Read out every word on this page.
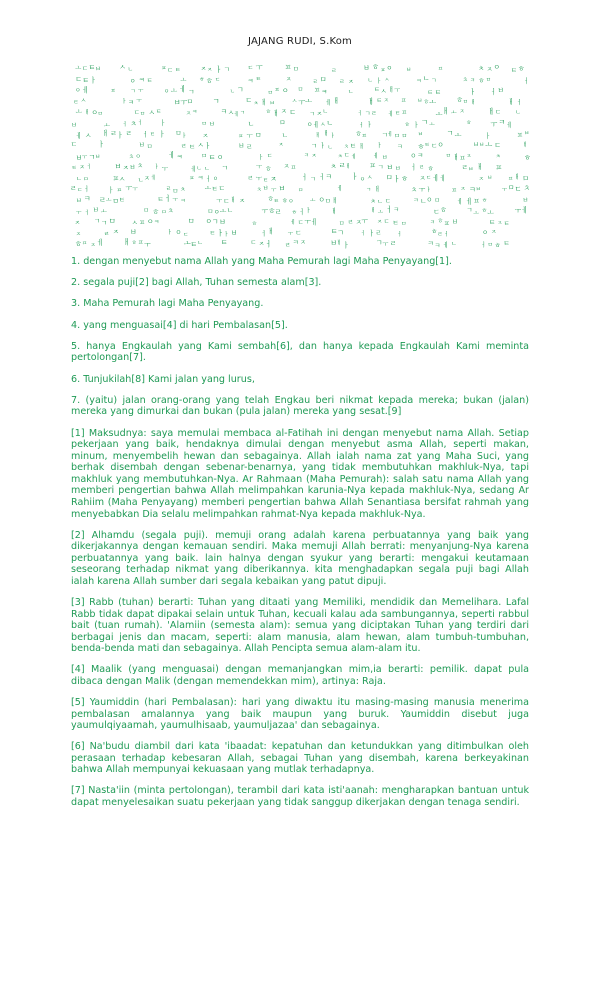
JAJANG RUDI, S.Kom
ㅗ ㄷ ㅌ ㅂ ㅅ ㄴ	ㅍ ㄷ ㅌ	ㅈ ㅈ ㅏ ㄱ	ㄷ ㅜ	ㅍ ㅁ	ㄹ	ㅂ ㅎ ㅍ ㅇ ㅂ	ㅍ	ㅊ ㅈ ㅇ ㅌ ㅎ
ㄷ ㅌ ㅏ	ㅇ ㅋ ㅌ	ㅗ ㅎ ㅎ ㄷ	ㅋ ㅌ	ㅈ	ㄹ ㅁ ㄹ ㅈ ㄴ ㅏ ㅅ	ㅋ ㄴ ㄱ	ㅊ ㅋ ㅎ ㅁ	ㅓ
ㅇ ㅔ	ㅍ ㄱ ㅜ	ㅇ ㅗ ㅔ ㄱ	ㄴ ㄱ	ㅁ ㅍ ㅇ ㅁ ㅍ ㅋ	ㄴ	ㅌ ㅅ ㅐ ㅜ	ㅌ ㅌ	ㅏ ㅓ ㅂ
ㅌ ㅅ	ㅏ ㅋ ㅜ	ㅂ ㅜ ㅁ	ㄱ	ㄷ ㅊ ㅐ ㅂ	ㅅ ㅜ ㅗ ㅔ ㅐ	ㅐ ㅌ ㅈ ㅍ ㅂ ㅎ ㅗ	ㅎ ㅁ ㅐ	ㅐ ㅓ
ㅗ ㅐ ㅇ ㅁ	ㄷ ㅁ ㅅ ㅌ	ㅈ ㅋ	ㅋ ㅅ ㅔ ㄱ	ㅎ ㅐ ㅈ ㄷ ㄱ ㅈ ㄴ	ㅓ ㄱ ㄹ ㅔ ㅌ ㅍ	ㅗ ㅐ ㅗ ㅈ	ㅐ ㄷ ㄴ
ㅂ	ㅗ ㅓ ㅊ ㅓ	ㅏ	ㅁ ㅂ	ㄴ	ㅁ	ㅇ ㅔ ㅅ ㄴ	ㅓ ㅏ	ㅎ ㅏ ㄱ ㅗ	ㅎ	ㅜ ㅋ ㅔ
ㅔ ㅅ ㅐ ㄹ ㅏ ㄹ ㅓ ㅌ ㅏ ㅁ ㅏ ㅈ	ㅍ ㅜ ㅁ	ㄴ	ㅐ ㅐ ㅏ	ㅎ ㅍ ㄱ ㅔ ㅁ ㅁ ㅂ	ㄱ ㅗ	ㅏ	ㅍ ㅂ
ㄷ	ㅏ	ㅂ ㅁ	ㄹ ㅌ ㅅ ㅏ	ㅂ ㄹ	ㅈ	ㄱ ㅏ ㄴ ㅊ ㅌ ㅐ ㅏ ㅋ ㅎ ㅌ ㄷ ㅇ	ㅂ ㅂ ㅗ ㄷ	ㅐ
ㅂ ㅜ ㄱ ㅂ	ㅊ ㅇ	ㅔ ㅋ	ㅁ ㅌ ㅇ	ㅏ ㄷ	ㅋ ㅈ	ㅊ ㄷ ㅔ	ㅔ ㅂ	ㅇ ㅋ	ㅁ ㅐ ㅍ ㅈ	ㅊ	ㅎ
ㅌ ㅈ ㅓ	ㅂ ㅈ ㅂ ㅊ ㅏ ㅜ	ㅔ ㄴ ㄴ ㄱ	ㅜ ㅎ ㅈ ㅍ	ㅊ ㄹ ㅐ	ㅍ ㄱ ㅂ ㅂ ㅓ ㄹ ㅎ	ㄹ ㅂ ㅐ ㅍ
ㄴ ㅁ	ㅍ ㅅ ㄴ ㅈ ㅔ	ㅍ ㅋ ㅓ ㅇ	ㄹ ㅜ ㅌ ㅈ	ㅓ ㄱ ㅓ ㅋ	ㅏ ㅇ ㅅ ㅁ ㅏ ㅎ ㅈ ㄷ ㅔ ㅔ	ㅈ ㅂ	ㅍ ㅐ ㅁ
ㄹ ㄷ ㅓ	ㅏ ㅍ ㅜ ㅜ	ㄹ ㅁ ㅊ	ㅗ ㅌ ㄷ	ㅊ ㅂ ㅜ ㅂ ㅁ	ㅔ	ㄱ ㅐ	ㅊ ㅜ ㅏ	ㅍ ㅈ ㅋ ㅂ	ㅜ ㅁ ㄷ ㅊ
ㅂ ㅋ ㄹ ㅗ ㅁ ㅌ	ㅌ ㅓ ㅜ ㅋ	ㅜ ㄷ ㅐ ㅈ	ㅎ ㅌ ㅎ ㅇ	ㅗ ㅇ ㅁ ㅐ	ㅊ ㄴ ㄷ	ㅋ ㄴ ㅇ ㅁ	ㅔ ㅔ ㅍ ㅎ	ㅂ
ㅜ ㅓ ㅂ ㅗ	ㅁ ㅎ ㅁ ㅊ	ㅁ ㅇ ㅗ ㄴ	ㅜ ㅎ ㄹ ㅎ ㅓ ㅏ	ㅐ	ㅐ ㅗ ㅓ ㅋ	ㄷ ㅎ	ㄱ ㅗ ㅎ ㅗ	ㅜ ㅔ
ㅈ ㄱ ㄱ ㅁ ㅅ ㅍ ㅇ ㅋ	ㅁ ㅇ ㄱ ㅂ	ㅎ	ㅔ ㄷ ㅜ ㅔ	ㅁ ㄹ ㅈ ㅜ ㅈ ㄷ ㅌ ㅁ	ㅋ ㅎ ㅍ ㅂ	ㅌ ㅈ ㅌ
ㅈ	ㄹ ㅈ ㅂ	ㅏ ㅇ ㄷ	ㅌ ㅏ ㅏ ㅂ	ㅓ ㅐ ㅜ ㄷ	ㅌ ㄱ	ㅓ ㅏ ㄹ	ㅓ	ㅎ ㄹ ㅓ	ㅇ ㅈ
ㅎ ㅍ ㅈ ㅔ	ㅐ ㅎ ㅍ ㅜ	ㅗ ㅌ ㄴ ㅌ	ㄷ ㅈ ㅓ ㄹ ㅋ ㅈ	ㅂ
ㅐ ㅏ	ㄱ ㅜ ㄹ	ㅋ ㅋ ㅔ ㄴ	ㅓ ㅁ ㅎ ㅌ

1. dengan menyebut nama Allah yang Maha Pemurah lagi Maha Penyayang[1].

2. segala puji[2] bagi Allah, Tuhan semesta alam[3].

3. Maha Pemurah lagi Maha Penyayang.

4. yang menguasai[4] di hari Pembalasan[5].

5. hanya Engkaulah yang Kami sembah[6], dan hanya kepada Engkaulah Kami meminta pertolongan[7].

6. Tunjukilah[8] Kami jalan yang lurus,

7. (yaitu) jalan orang-orang yang telah Engkau beri nikmat kepada mereka; bukan (jalan) mereka yang dimurkai dan bukan (pula jalan) mereka yang sesat.[9]

[1] Maksudnya: saya memulai membaca al-Fatihah ini dengan menyebut nama Allah. Setiap pekerjaan yang baik, hendaknya dimulai dengan menyebut asma Allah, seperti makan, minum, menyembelih hewan dan sebagainya. Allah ialah nama zat yang Maha Suci, yang berhak disembah dengan sebenar-benarnya, yang tidak membutuhkan makhluk-Nya, tapi makhluk yang membutuhkan-Nya. Ar Rahmaan (Maha Pemurah): salah satu nama Allah yang memberi pengertian bahwa Allah melimpahkan karunia-Nya kepada makhluk-Nya, sedang Ar Rahiim (Maha Penyayang) memberi pengertian bahwa Allah Senantiasa bersifat rahmah yang menyebabkan Dia selalu melimpahkan rahmat-Nya kepada makhluk-Nya.

[2] Alhamdu (segala puji). memuji orang adalah karena perbuatannya yang baik yang dikerjakannya dengan kemauan sendiri. Maka memuji Allah berrati: menyanjung-Nya karena perbuatannya yang baik. lain halnya dengan syukur yang berarti: mengakui keutamaan seseorang terhadap nikmat yang diberikannya. kita menghadapkan segala puji bagi Allah ialah karena Allah sumber dari segala kebaikan yang patut dipuji.

[3] Rabb (tuhan) berarti: Tuhan yang ditaati yang Memiliki, mendidik dan Memelihara. Lafal Rabb tidak dapat dipakai selain untuk Tuhan, kecuali kalau ada sambungannya, seperti rabbul bait (tuan rumah). 'Alamiin (semesta alam): semua yang diciptakan Tuhan yang terdiri dari berbagai jenis dan macam, seperti: alam manusia, alam hewan, alam tumbuh-tumbuhan, benda-benda mati dan sebagainya. Allah Pencipta semua alam-alam itu.

[4] Maalik (yang menguasai) dengan memanjangkan mim,ia berarti: pemilik. dapat pula dibaca dengan Malik (dengan memendekkan mim), artinya: Raja.

[5] Yaumiddin (hari Pembalasan): hari yang diwaktu itu masing-masing manusia menerima pembalasan amalannya yang baik maupun yang buruk. Yaumiddin disebut juga yaumulqiyaamah, yaumulhisaab, yaumuljazaa' dan sebagainya.

[6] Na'budu diambil dari kata 'ibaadat: kepatuhan dan ketundukkan yang ditimbulkan oleh perasaan terhadap kebesaran Allah, sebagai Tuhan yang disembah, karena berkeyakinan bahwa Allah mempunyai kekuasaan yang mutlak terhadapnya.

[7] Nasta'iin (minta pertolongan), terambil dari kata isti'aanah: mengharapkan bantuan untuk dapat menyelesaikan suatu pekerjaan yang tidak sanggup dikerjakan dengan tenaga sendiri.
